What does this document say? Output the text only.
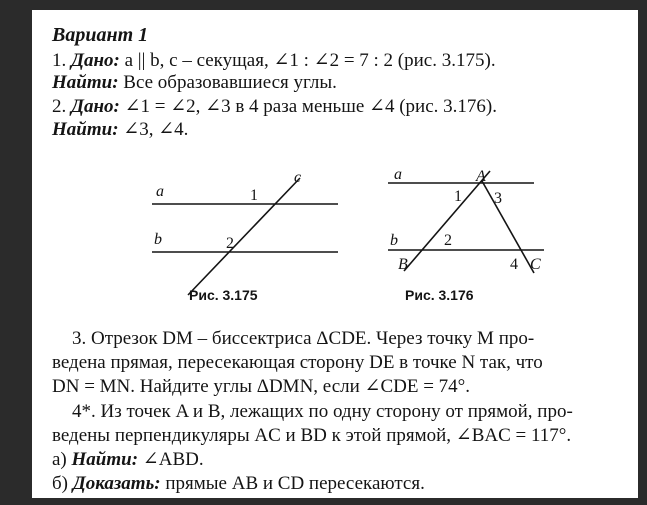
Вариант 1
1. Дано: a || b, c – секущая, ∠1 : ∠2 = 7 : 2 (рис. 3.175).
Найти: Все образовавшиеся углы.
2. Дано: ∠1 = ∠2, ∠3 в 4 раза меньше ∠4 (рис. 3.176).
Найти: ∠3, ∠4.
a
b
c
1
2
Рис. 3.175
a	A
b
B	C
1 3
2
4
Рис. 3.176
3. Отрезок DM – биссектриса ΔCDE. Через точку M про-
ведена прямая, пересекающая сторону DE в точке N так, что
DN = MN. Найдите углы ΔDMN, если ∠CDE = 74°.
4*. Из точек A и B, лежащих по одну сторону от прямой, про-
ведены перпендикуляры AC и BD к этой прямой, ∠BAC = 117°.
а) Найти: ∠ABD.
б) Доказать: прямые AB и CD пересекаются.
